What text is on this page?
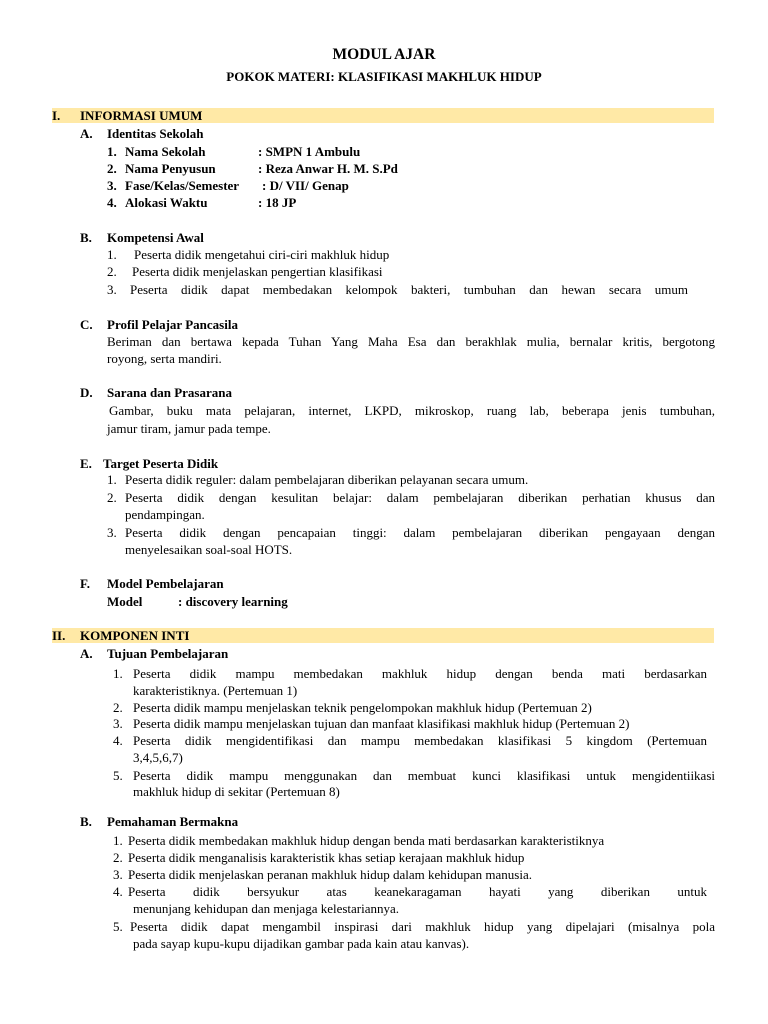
MODUL AJAR
POKOK MATERI: KLASIFIKASI MAKHLUK HIDUP
I. INFORMASI UMUM
A. Identitas Sekolah
1. Nama Sekolah	: SMPN 1 Ambulu
2. Nama Penyusun	: Reza Anwar H. M. S.Pd
3. Fase/Kelas/Semester : D/ VII/ Genap
4. Alokasi Waktu	: 18 JP
B. Kompetensi Awal
1. Peserta didik mengetahui ciri-ciri makhluk hidup
2. Peserta didik menjelaskan pengertian klasifikasi
3. Peserta didik dapat membedakan kelompok bakteri, tumbuhan dan hewan secara umum
C. Profil Pelajar Pancasila
Beriman dan bertawa kepada Tuhan Yang Maha Esa dan berakhlak mulia, bernalar kritis, bergotong
royong, serta mandiri.
D. Sarana dan Prasarana
Gambar, buku mata pelajaran, internet, LKPD, mikroskop, ruang lab, beberapa jenis tumbuhan,
jamur tiram, jamur pada tempe.
E. Target Peserta Didik
1. Peserta didik reguler: dalam pembelajaran diberikan pelayanan secara umum.
2. Peserta didik dengan kesulitan belajar: dalam pembelajaran diberikan perhatian khusus dan
pendampingan.
3. Peserta didik dengan pencapaian tinggi: dalam pembelajaran diberikan pengayaan dengan
menyelesaikan soal-soal HOTS.
F. Model Pembelajaran
Model	: discovery learning
II. KOMPONEN INTI
A. Tujuan Pembelajaran
1. Peserta didik mampu membedakan makhluk hidup dengan benda mati berdasarkan
karakteristiknya. (Pertemuan 1)
2. Peserta didik mampu menjelaskan teknik pengelompokan makhluk hidup (Pertemuan 2)
3. Peserta didik mampu menjelaskan tujuan dan manfaat klasifikasi makhluk hidup (Pertemuan 2)
4. Peserta didik mengidentifikasi dan mampu membedakan klasifikasi 5 kingdom (Pertemuan
3,4,5,6,7)
5. Peserta didik mampu menggunakan dan membuat kunci klasifikasi untuk mengidentiikasi
makhluk hidup di sekitar (Pertemuan 8)
B. Pemahaman Bermakna
1. Peserta didik membedakan makhluk hidup dengan benda mati berdasarkan karakteristiknya
2. Peserta didik menganalisis karakteristik khas setiap kerajaan makhluk hidup
3. Peserta didik menjelaskan peranan makhluk hidup dalam kehidupan manusia.
4. Peserta didik bersyukur atas keanekaragaman hayati yang diberikan untuk
menunjang kehidupan dan menjaga kelestariannya.
5. Peserta didik dapat mengambil inspirasi dari makhluk hidup yang dipelajari (misalnya pola
pada sayap kupu-kupu dijadikan gambar pada kain atau kanvas).
